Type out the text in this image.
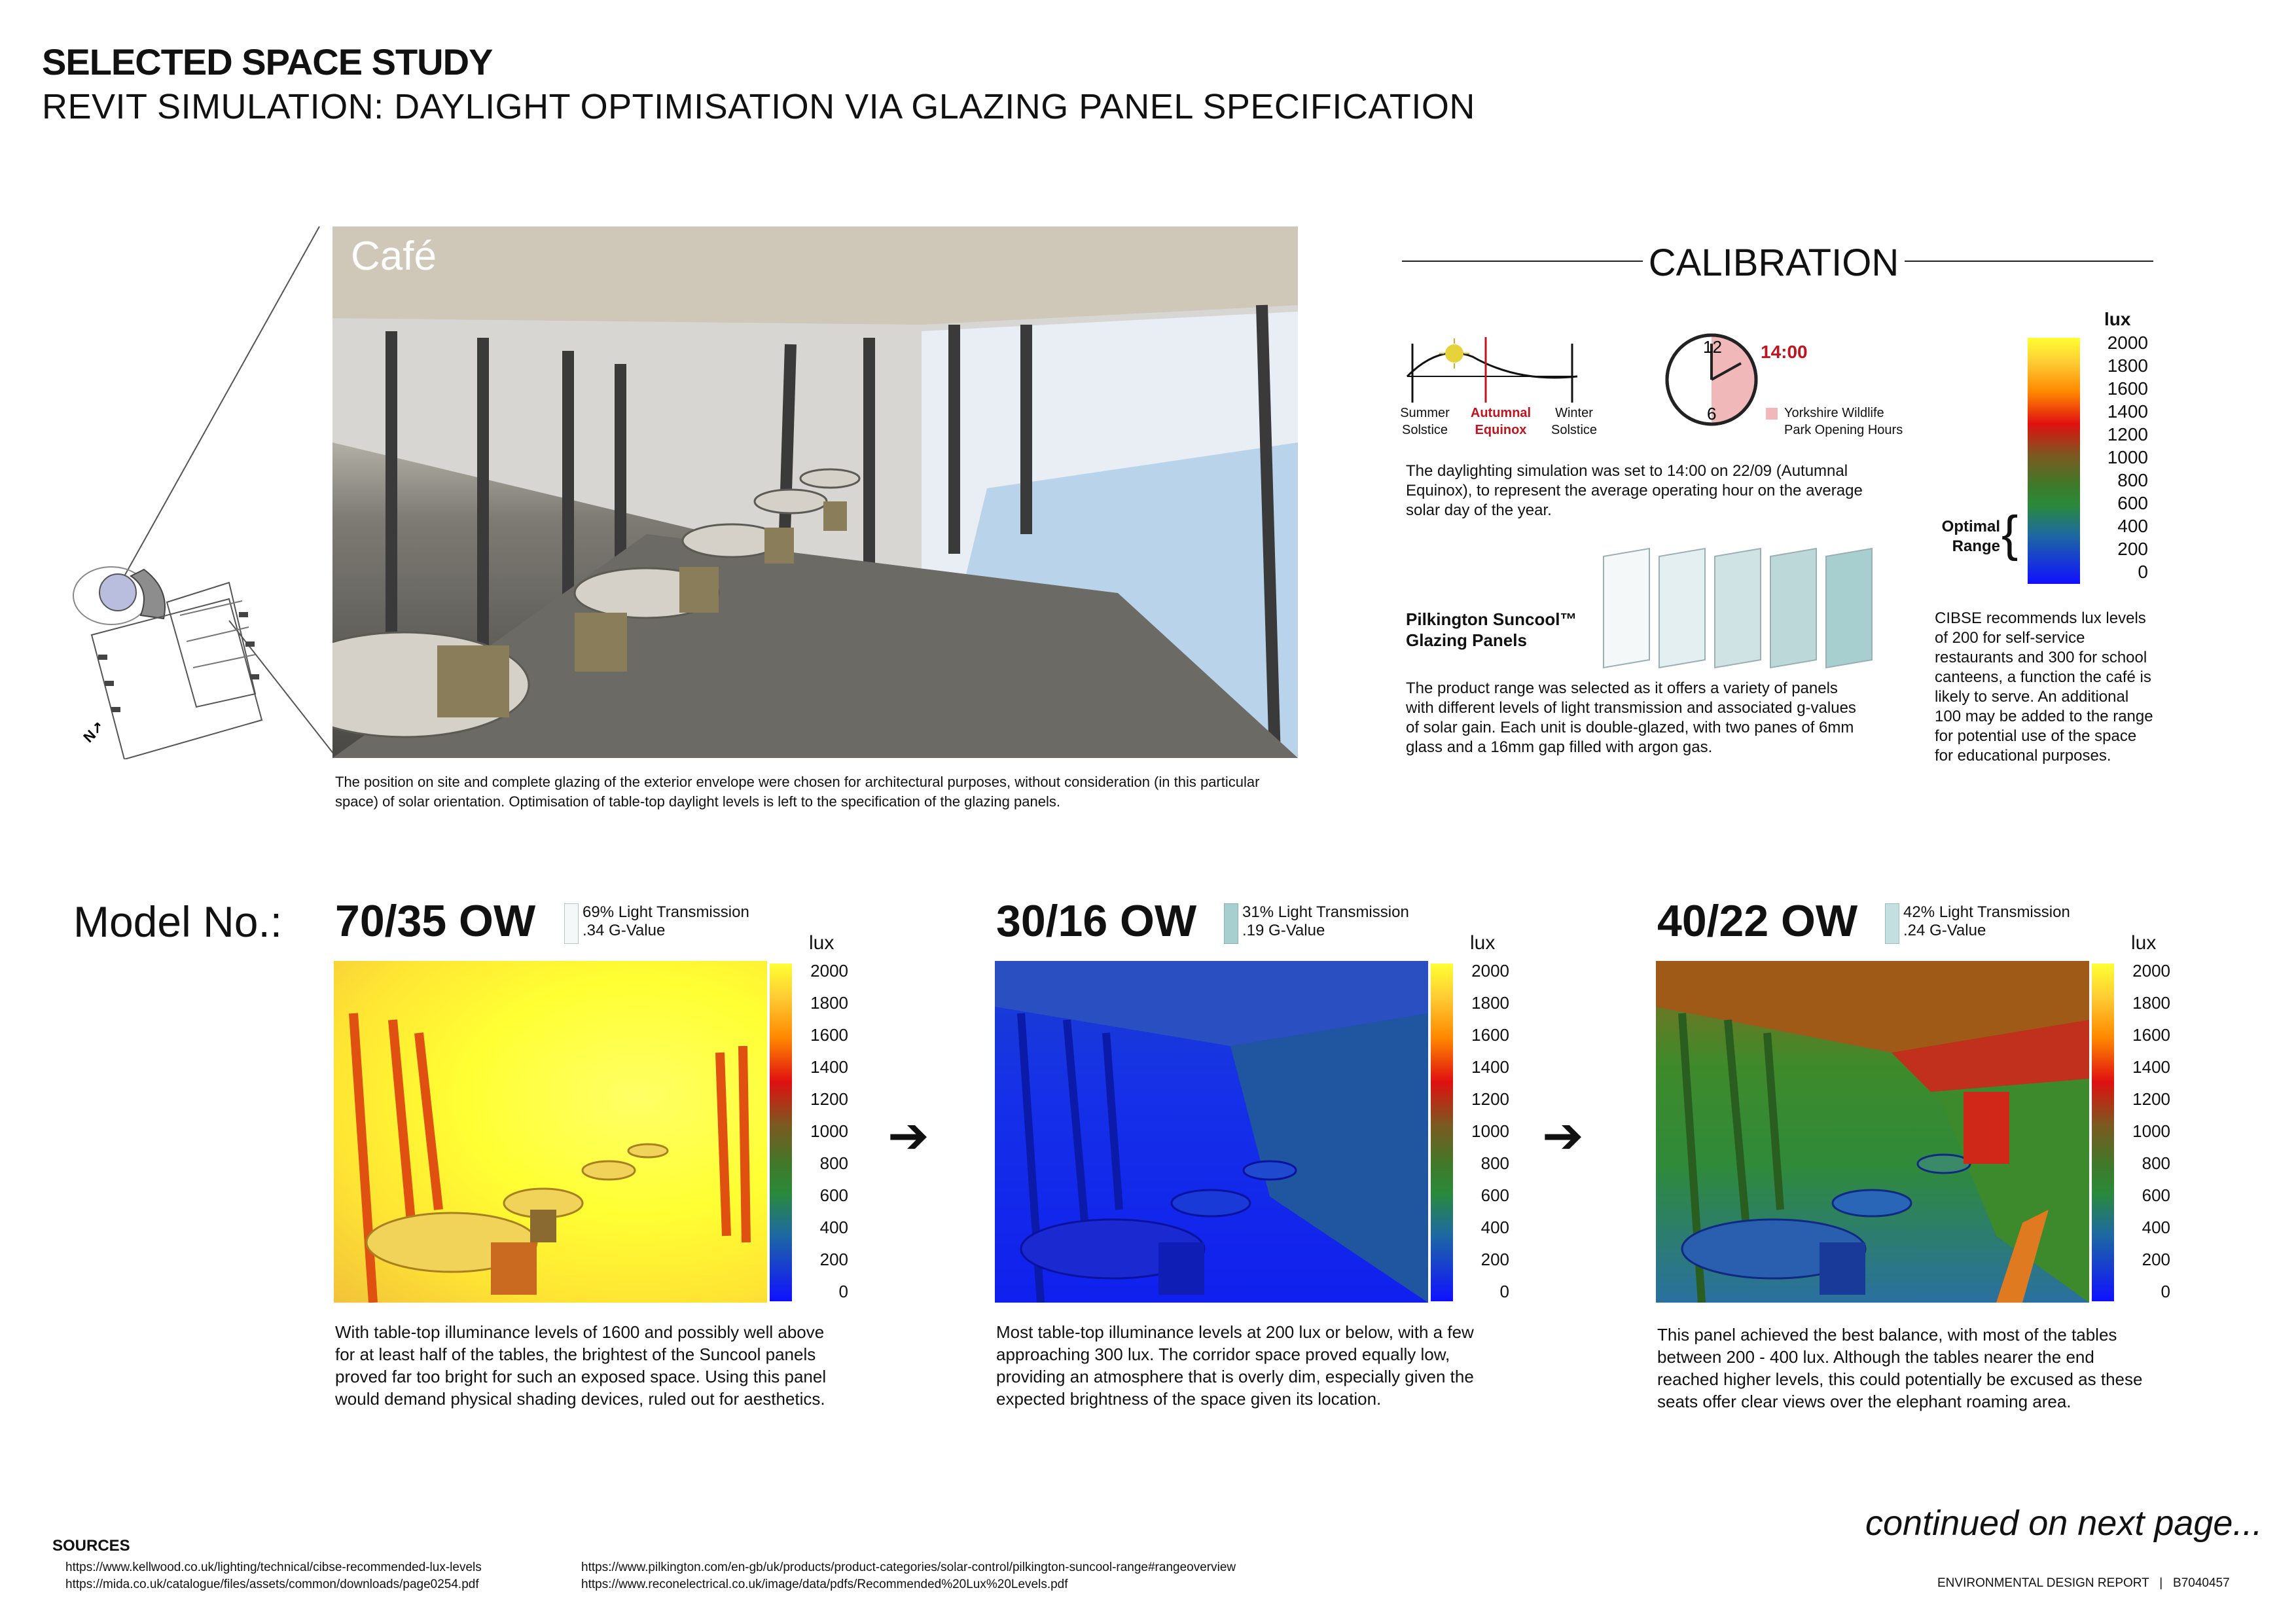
SELECTED SPACE STUDY
REVIT SIMULATION: DAYLIGHT OPTIMISATION VIA GLAZING PANEL SPECIFICATION
N↗
Café
The position on site and complete glazing of the exterior envelope were chosen for architectural purposes, without consideration (in this particular space) of solar orientation. Optimisation of table-top daylight levels is left to the specification of the glazing panels.
CALIBRATION
Summer
Solstice
Autumnal
Equinox
Winter
Solstice
12
6
14:00
Yorkshire Wildlife
Park Opening Hours
The daylighting simulation was set to 14:00 on 22/09 (Autumnal Equinox), to represent the average operating hour on the average solar day of the year.
Pilkington Suncool™
Glazing Panels
The product range was selected as it offers a variety of panels with different levels of light transmission and associated g-values of solar gain. Each unit is double-glazed, with two panes of 6mm glass and a 16mm gap filled with argon gas.
lux
2000
1800
1600
1400
1200
1000
800
600
400
200
0
Optimal
Range {
CIBSE recommends lux levels of 200 for self-service restaurants and 300 for school canteens, a function the café is likely to serve. An additional 100 may be added to the range for potential use of the space for educational purposes.
Model No.: 70/35 OW	69% Light Transmission
.34 G-Value
lux
2000
1800
1600
1400
1200
1000
800
600
400
200
0
With table-top illuminance levels of 1600 and possibly well above for at least half of the tables, the brightest of the Suncool panels proved far too bright for such an exposed space. Using this panel would demand physical shading devices, ruled out for aesthetics.
➔
30/16 OW	31% Light Transmission
.19 G-Value
lux
2000
1800
1600
1400
1200
1000
800
600
400
200
0
Most table-top illuminance levels at 200 lux or below, with a few approaching 300 lux. The corridor space proved equally low, providing an atmosphere that is overly dim, especially given the expected brightness of the space given its location.
➔
40/22 OW	42% Light Transmission
.24 G-Value
lux
2000
1800
1600
1400
1200
1000
800
600
400
200
0
This panel achieved the best balance, with most of the tables between 200 - 400 lux. Although the tables nearer the end reached higher levels, this could potentially be excused as these seats offer clear views over the elephant roaming area.
continued on next page...
SOURCES
https://www.kellwood.co.uk/lighting/technical/cibse-recommended-lux-levels
https://mida.co.uk/catalogue/files/assets/common/downloads/page0254.pdf
https://www.pilkington.com/en-gb/uk/products/product-categories/solar-control/pilkington-suncool-range#rangeoverview
https://www.reconelectrical.co.uk/image/data/pdfs/Recommended%20Lux%20Levels.pdf	ENVIRONMENTAL DESIGN REPORT   |   B7040457
